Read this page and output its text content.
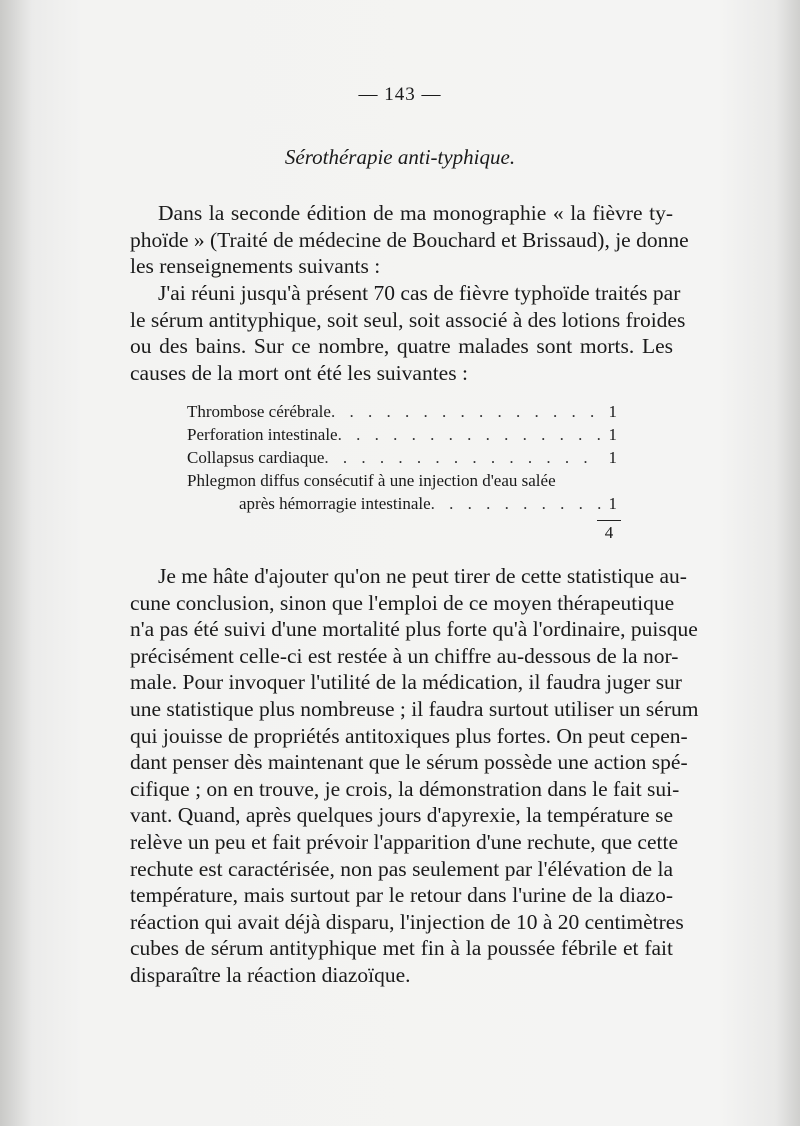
— 143 —
Sérothérapie anti-typhique.
Dans la seconde édition de ma monographie « la fièvre ty-
phoïde » (Traité de médecine de Bouchard et Brissaud), je donne
les renseignements suivants :
J'ai réuni jusqu'à présent 70 cas de fièvre typhoïde traités par
le sérum antityphique, soit seul, soit associé à des lotions froides
ou des bains. Sur ce nombre, quatre malades sont morts. Les
causes de la mort ont été les suivantes :
Thrombose cérébrale . . .	1
Perforation intestinale . . .	1
Collapsus cardiaque . . .	1
Phlegmon diffus consécutif à une injection d'eau salée
après hémorragie intestinale . . .	1
4
Je me hâte d'ajouter qu'on ne peut tirer de cette statistique au-
cune conclusion, sinon que l'emploi de ce moyen thérapeutique
n'a pas été suivi d'une mortalité plus forte qu'à l'ordinaire, puisque
précisément celle-ci est restée à un chiffre au-dessous de la nor-
male. Pour invoquer l'utilité de la médication, il faudra juger sur
une statistique plus nombreuse ; il faudra surtout utiliser un sérum
qui jouisse de propriétés antitoxiques plus fortes. On peut cepen-
dant penser dès maintenant que le sérum possède une action spé-
cifique ; on en trouve, je crois, la démonstration dans le fait sui-
vant. Quand, après quelques jours d'apyrexie, la température se
relève un peu et fait prévoir l'apparition d'une rechute, que cette
rechute est caractérisée, non pas seulement par l'élévation de la
température, mais surtout par le retour dans l'urine de la diazo-
réaction qui avait déjà disparu, l'injection de 10 à 20 centimètres
cubes de sérum antityphique met fin à la poussée fébrile et fait
disparaître la réaction diazoïque.
